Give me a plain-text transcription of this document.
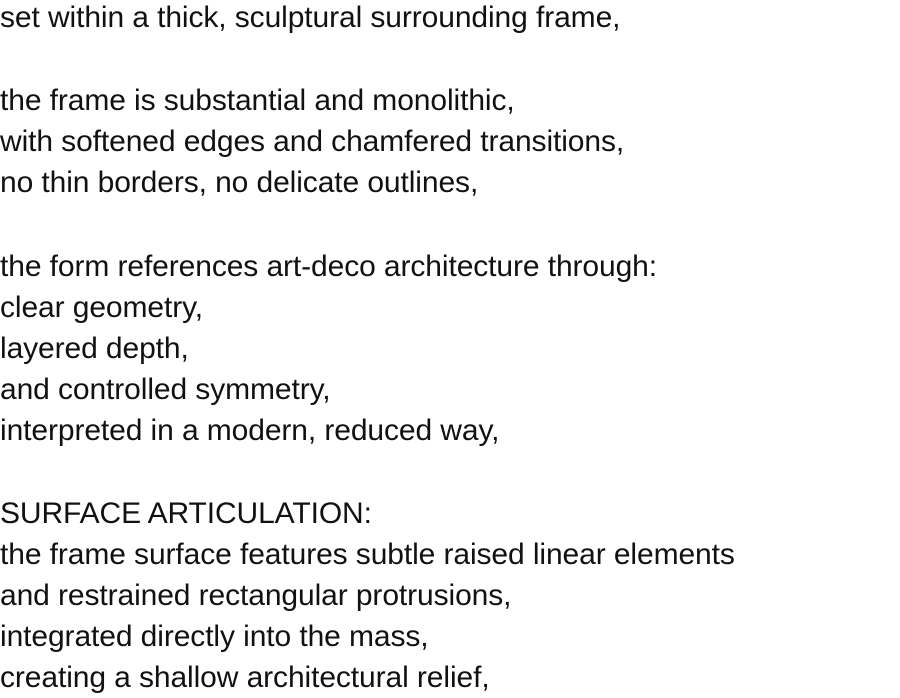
set within a thick, sculptural surrounding frame,
the frame is substantial and monolithic,
with softened edges and chamfered transitions,
no thin borders, no delicate outlines,
the form references art-deco architecture through:
clear geometry,
layered depth,
and controlled symmetry,
interpreted in a modern, reduced way,
SURFACE ARTICULATION:
the frame surface features subtle raised linear elements
and restrained rectangular protrusions,
integrated directly into the mass,
creating a shallow architectural relief,
